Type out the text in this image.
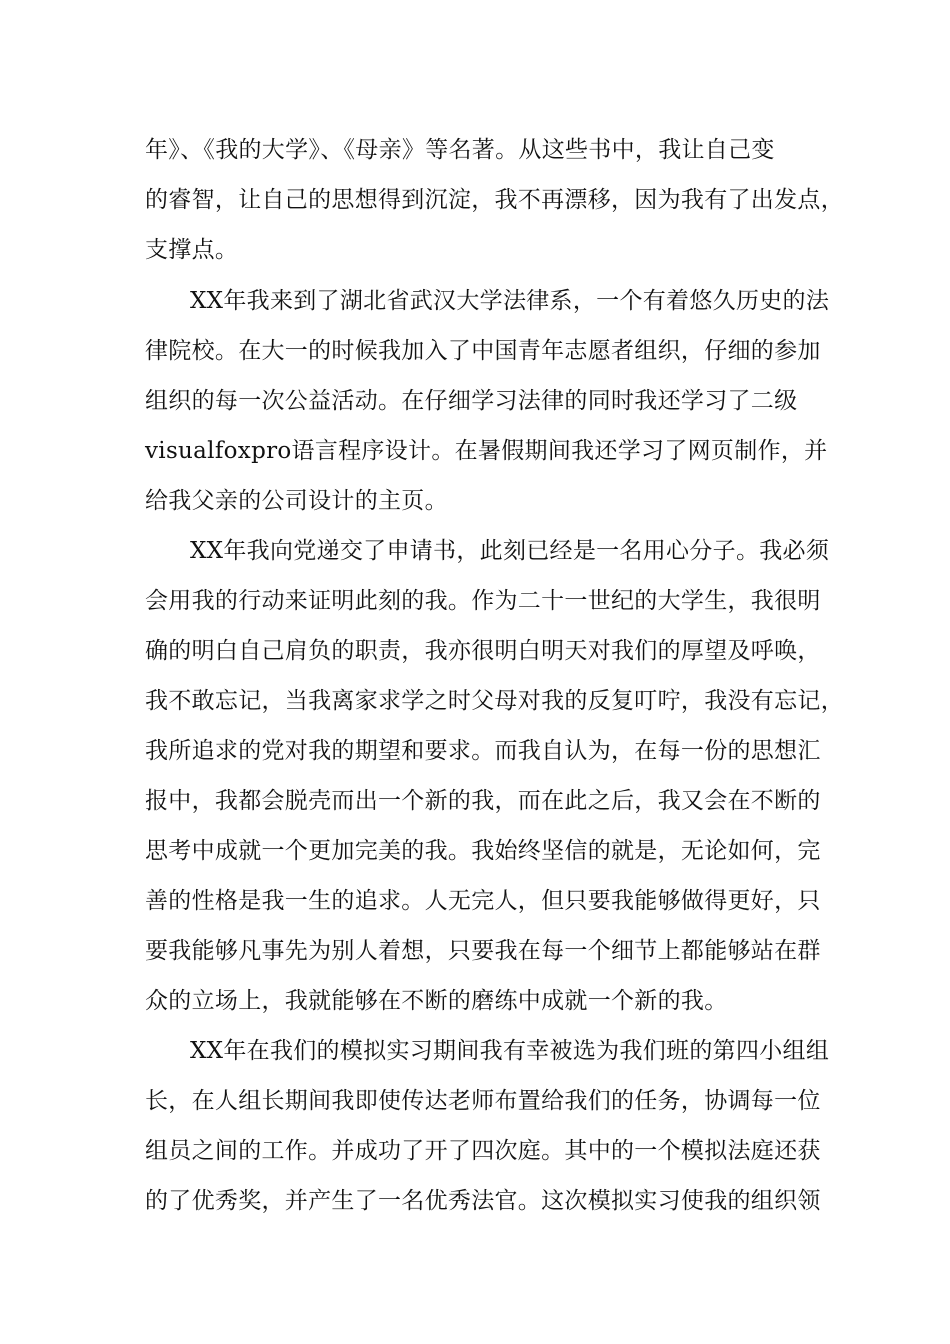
年》、《我的大学》、《母亲》等名著。从这些书中，我让自己变
的睿智，让自己的思想得到沉淀，我不再漂移，因为我有了出发点，
支撑点。
XX年我来到了湖北省武汉大学法律系，一个有着悠久历史的法
律院校。在大一的时候我加入了中国青年志愿者组织，仔细的参加
组织的每一次公益活动。在仔细学习法律的同时我还学习了二级
visualfoxpro语言程序设计。在暑假期间我还学习了网页制作，并
给我父亲的公司设计的主页。
XX年我向党递交了申请书，此刻已经是一名用心分子。我必须
会用我的行动来证明此刻的我。作为二十一世纪的大学生，我很明
确的明白自己肩负的职责，我亦很明白明天对我们的厚望及呼唤，
我不敢忘记，当我离家求学之时父母对我的反复叮咛，我没有忘记，
我所追求的党对我的期望和要求。而我自认为，在每一份的思想汇
报中，我都会脱壳而出一个新的我，而在此之后，我又会在不断的
思考中成就一个更加完美的我。我始终坚信的就是，无论如何，完
善的性格是我一生的追求。人无完人，但只要我能够做得更好，只
要我能够凡事先为别人着想，只要我在每一个细节上都能够站在群
众的立场上，我就能够在不断的磨练中成就一个新的我。
XX年在我们的模拟实习期间我有幸被选为我们班的第四小组组
长，在人组长期间我即使传达老师布置给我们的任务，协调每一位
组员之间的工作。并成功了开了四次庭。其中的一个模拟法庭还获
的了优秀奖，并产生了一名优秀法官。这次模拟实习使我的组织领
